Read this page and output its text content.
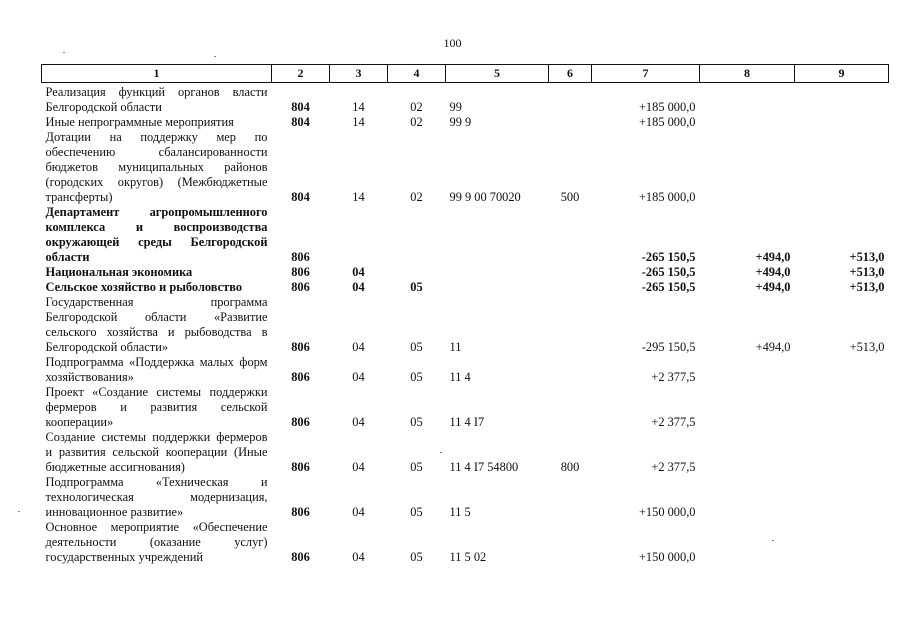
100
1	2	3	4	5	6	7	8	9

Реализация функций органов власти Белгородской области	804	14	02	99		+185 000,0		
Иные непрограммные мероприятия	804	14	02	99 9		+185 000,0		
Дотации на поддержку мер по обеспечению сбалансированности бюджетов муниципальных районов (городских округов) (Межбюджетные трансферты)	804	14	02	99 9 00 70020	500	+185 000,0		
Департамент агропромышленного комплекса и воспроизводства окружающей среды Белгородской области	806					-265 150,5	+494,0	+513,0
Национальная экономика	806	04				-265 150,5	+494,0	+513,0
Сельское хозяйство и рыболовство	806	04	05			-265 150,5	+494,0	+513,0
Государственная программа Белгородской области «Развитие сельского хозяйства и рыбоводства в Белгородской области»	806	04	05	11		-295 150,5	+494,0	+513,0
Подпрограмма «Поддержка малых форм хозяйствования»	806	04	05	11 4		+2 377,5		
Проект «Создание системы поддержки фермеров и развития сельской кооперации»	806	04	05	11 4 I7		+2 377,5		
Создание системы поддержки фермеров и развития сельской кооперации (Иные бюджетные ассигнования)	806	04	05	11 4 I7 54800	800	+2 377,5		
Подпрограмма «Техническая и технологическая модернизация, инновационное развитие»	806	04	05	11 5		+150 000,0		
Основное мероприятие «Обеспечение деятельности (оказание услуг) государственных учреждений	806	04	05	11 5 02		+150 000,0		
